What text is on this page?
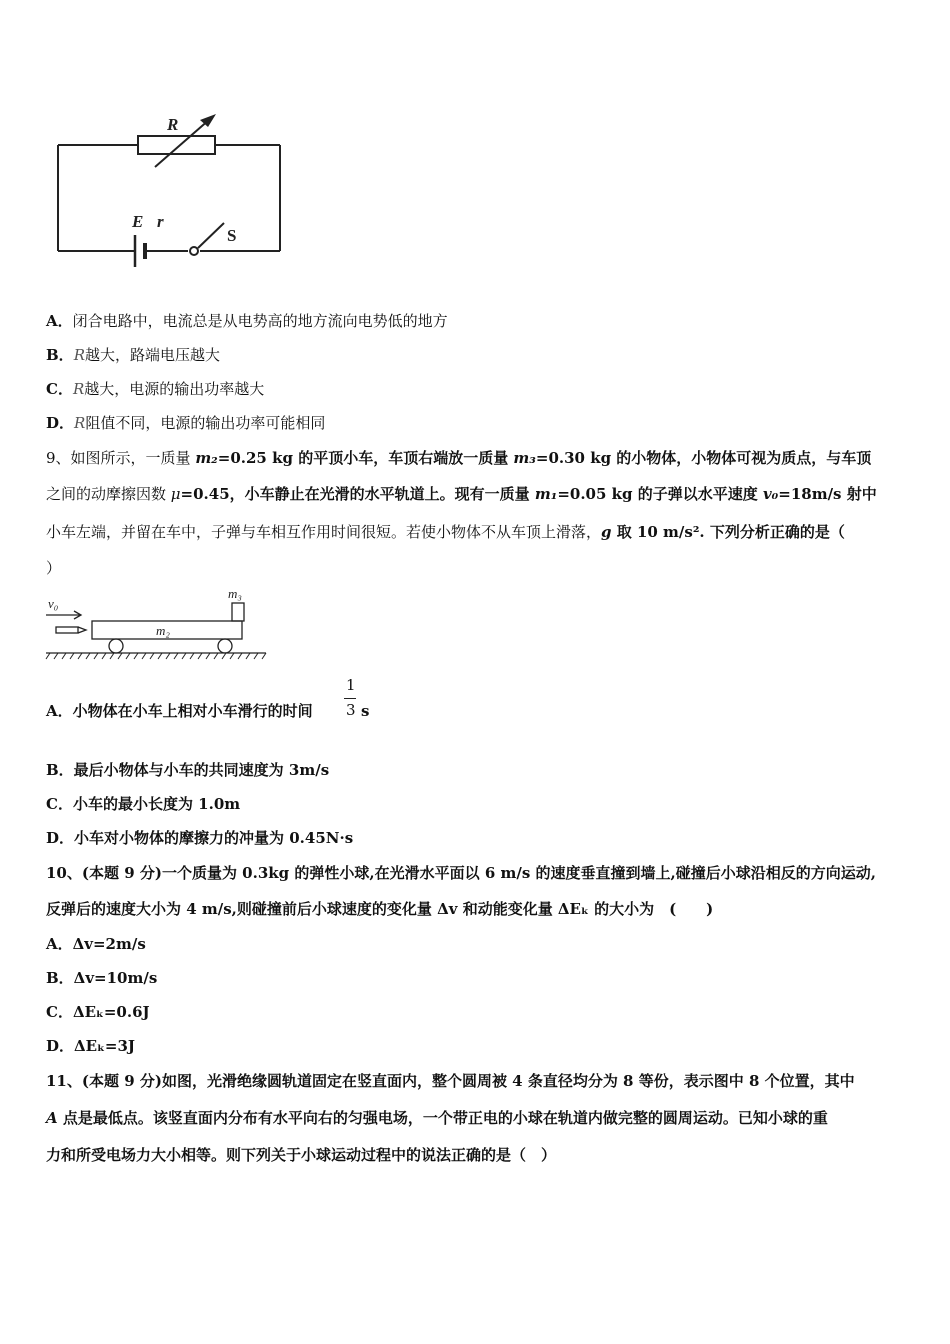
R
E r
S
A．闭合电路中，电流总是从电势高的地方流向电势低的地方
B．R越大，路端电压越大
C．R越大，电源的输出功率越大
D．R阻值不同，电源的输出功率可能相同
9、如图所示，一质量 m₂=0.25 kg 的平顶小车，车顶右端放一质量 m₃=0.30 kg 的小物体，小物体可视为质点，与车顶
之间的动摩擦因数 μ=0.45，小车静止在光滑的水平轨道上。现有一质量 m₁=0.05 kg 的子弹以水平速度 v₀=18m/s 射中
小车左端，并留在车中，子弹与车相互作用时间很短。若使小物体不从车顶上滑落，g 取 10 m/s². 下列分析正确的是（
）
v₀
m₂
m₃
A．小物体在小车上相对小车滑行的时间
1
3 s
B．最后小物体与小车的共同速度为 3m/s
C．小车的最小长度为 1.0m
D．小车对小物体的摩擦力的冲量为 0.45N·s
10、(本题 9 分)一个质量为 0.3kg 的弹性小球,在光滑水平面以 6 m/s 的速度垂直撞到墙上,碰撞后小球沿相反的方向运动,
反弹后的速度大小为 4 m/s,则碰撞前后小球速度的变化量 Δv 和动能变化量 ΔEₖ 的大小为　(　　)
A．Δv=2m/s
B．Δv=10m/s
C．ΔEₖ=0.6J
D．ΔEₖ=3J
11、(本题 9 分)如图，光滑绝缘圆轨道固定在竖直面内，整个圆周被 4 条直径均分为 8 等份，表示图中 8 个位置，其中
A 点是最低点。该竖直面内分布有水平向右的匀强电场，一个带正电的小球在轨道内做完整的圆周运动。已知小球的重
力和所受电场力大小相等。则下列关于小球运动过程中的说法正确的是（　）
